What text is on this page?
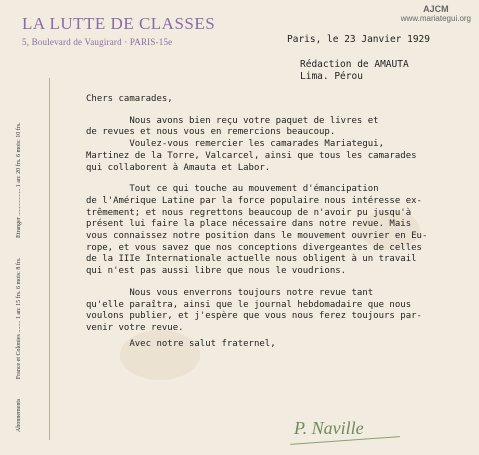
AJCM
www.mariategui.org
LA LUTTE DE CLASSES
5, Boulevard de Vaugirard · PARIS-15e
Abonnements France et Colonies ........ 1 an: 15 frs. 6 mois: 8 frs. Etranger .................. 1 an: 20 frs. 6 mois: 10 frs.
Paris, le 23 Janvier 1929
Rédaction de AMAUTA
Lima. Pérou

Chers camarades,

Nous avons bien reçu votre paquet de livres et
de revues et nous vous en remercions beaucoup.
Voulez-vous remercier les camarades Mariategui,
Martinez de la Torre, Valcarcel, ainsi que tous les camarades
qui collaborent à Amauta et Labor.

Tout ce qui touche au mouvement d'émancipation
de l'Amérique Latine par la force populaire nous intéresse ex-
trêmement; et nous regrettons beaucoup de n'avoir pu jusqu'à
présent lui faire la place nécessaire dans notre revue. Mais
vous connaissez notre position dans le mouvement ouvrier en Eu-
rope, et vous savez que nos conceptions divergeantes de celles
de la IIIe Internationale actuelle nous obligent à un travail
qui n'est pas aussi libre que nous le voudrions.

Nous vous enverrons toujours notre revue tant
qu'elle paraîtra, ainsi que le journal hebdomadaire que nous
voulons publier, et j'espère que vous nous ferez toujours par-
venir votre revue.

Avec notre salut fraternel,

P. Naville
